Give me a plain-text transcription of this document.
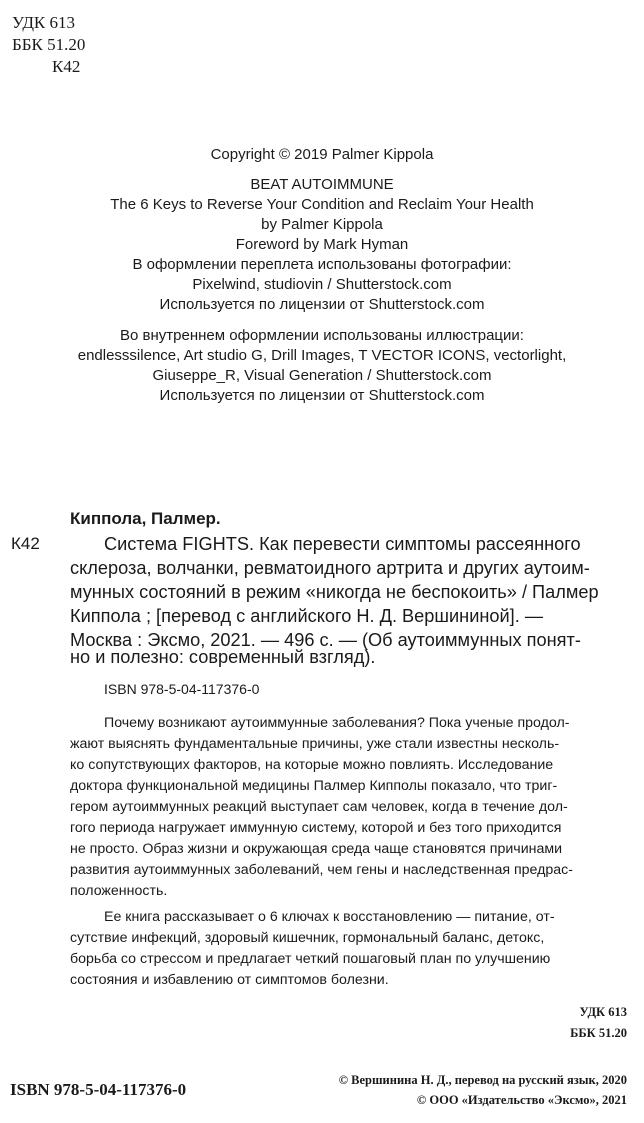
УДК 613
ББК 51.20
К42
Copyright © 2019 Palmer Kippola
BEAT AUTOIMMUNE
The 6 Keys to Reverse Your Condition and Reclaim Your Health
by Palmer Kippola
Foreword by Mark Hyman
В оформлении переплета использованы фотографии:
Pixelwind, studiovin / Shutterstock.com
Используется по лицензии от Shutterstock.com
Во внутреннем оформлении использованы иллюстрации:
endlesssilence, Art studio G, Drill Images, T VECTOR ICONS, vectorlight,
Giuseppe_R, Visual Generation / Shutterstock.com
Используется по лицензии от Shutterstock.com
Киппола, Палмер.
К42	Система FIGHTS. Как перевести симптомы рассеянного
склероза, волчанки, ревматоидного артрита и других аутоим-
мунных состояний в режим «никогда не беспокоить» / Палмер
Киппола ; [перевод с английского Н. Д. Вершининой]. —
Москва : Эксмо, 2021. — 496 с. — (Об аутоиммунных понят-
но и полезно: современный взгляд).
ISBN 978-5-04-117376-0
Почему возникают аутоиммунные заболевания? Пока ученые продол-
жают выяснять фундаментальные причины, уже стали известны несколь-
ко сопутствующих факторов, на которые можно повлиять. Исследование
доктора функциональной медицины Палмер Кипполы показало, что триг-
гером аутоиммунных реакций выступает сам человек, когда в течение дол-
гого периода нагружает иммунную систему, которой и без того приходится
не просто. Образ жизни и окружающая среда чаще становятся причинами
развития аутоиммунных заболеваний, чем гены и наследственная предрас-
положенность.
Ее книга рассказывает о 6 ключах к восстановлению — питание, от-
сутствие инфекций, здоровый кишечник, гормональный баланс, детокс,
борьба со стрессом и предлагает четкий пошаговый план по улучшению
состояния и избавлению от симптомов болезни.
УДК 613
ББК 51.20
ISBN 978-5-04-117376-0	© Вершинина Н. Д., перевод на русский язык, 2020
© ООО «Издательство «Эксмо», 2021
